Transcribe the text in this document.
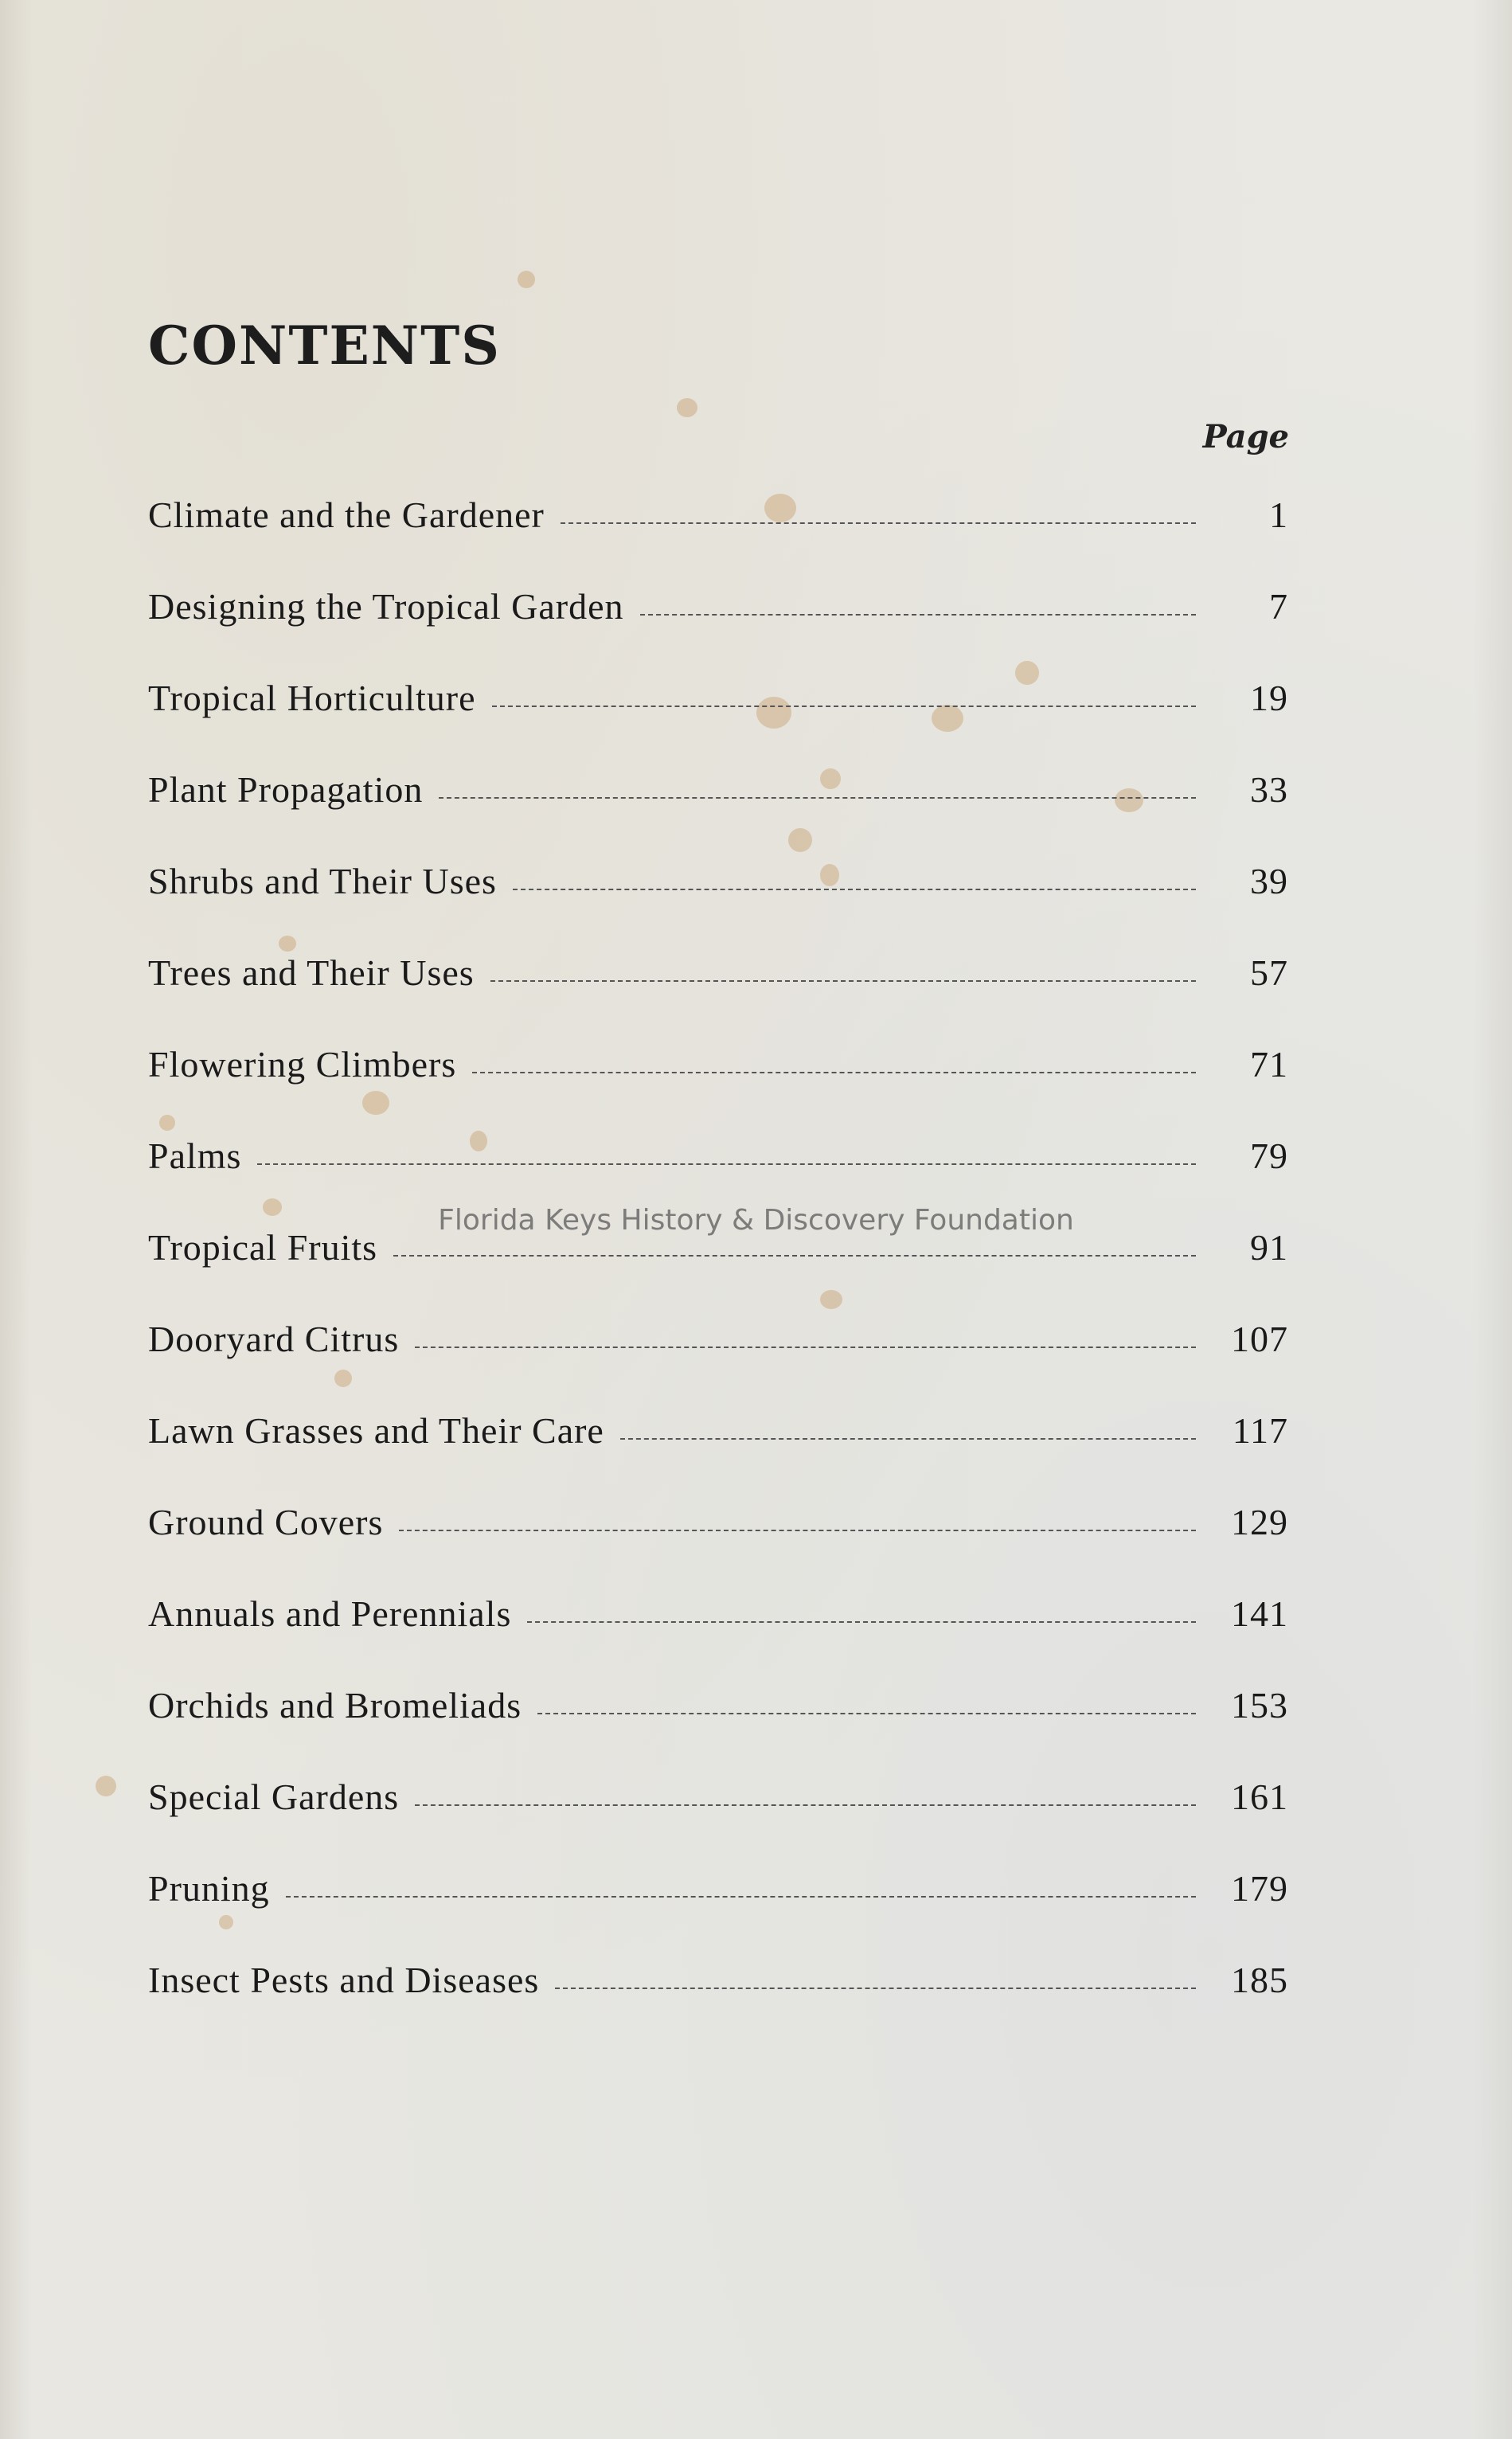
CONTENTS
Page
Climate and the Gardener	1
Designing the Tropical Garden	7
Tropical Horticulture	19
Plant Propagation	33
Shrubs and Their Uses	39
Trees and Their Uses	57
Flowering Climbers	71
Palms	79
Tropical Fruits	91
Dooryard Citrus	107
Lawn Grasses and Their Care	117
Ground Covers	129
Annuals and Perennials	141
Orchids and Bromeliads	153
Special Gardens	161
Pruning	179
Insect Pests and Diseases	185
Florida Keys History & Discovery Foundation
